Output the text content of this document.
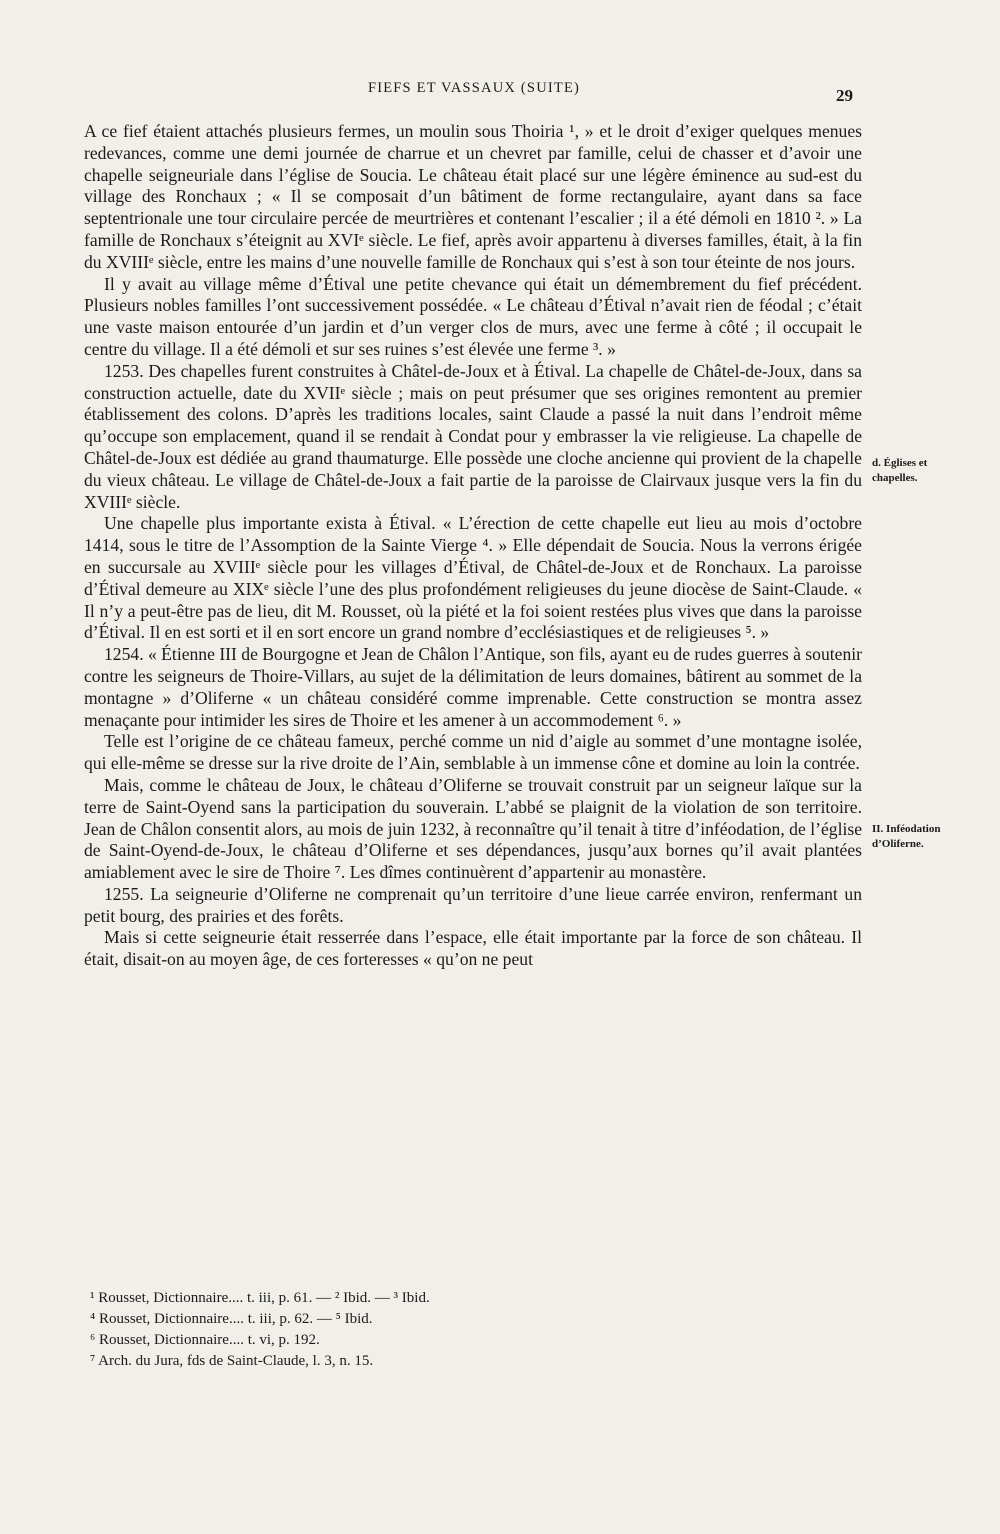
FIEFS ET VASSAUX (SUITE)	29

A ce fief étaient attachés plusieurs fermes, un moulin sous Thoiria ¹, » et le droit d’exiger quelques menues redevances, comme une demi journée de charrue et un chevret par famille, celui de chasser et d’avoir une chapelle seigneuriale dans l’église de Soucia. Le château était placé sur une légère éminence au sud-est du village des Ronchaux ; « Il se composait d’un bâtiment de forme rectangulaire, ayant dans sa face septentrionale une tour circulaire percée de meurtrières et contenant l’escalier ; il a été démoli en 1810 ². » La famille de Ronchaux s’éteignit au XVIᵉ siècle. Le fief, après avoir appartenu à diverses familles, était, à la fin du XVIIIᵉ siècle, entre les mains d’une nouvelle famille de Ronchaux qui s’est à son tour éteinte de nos jours.

Il y avait au village même d’Étival une petite chevance qui était un démembrement du fief précédent. Plusieurs nobles familles l’ont successivement possédée. « Le château d’Étival n’avait rien de féodal ; c’était une vaste maison entourée d’un jardin et d’un verger clos de murs, avec une ferme à côté ; il occupait le centre du village. Il a été démoli et sur ses ruines s’est élevée une ferme ³. »

1253. Des chapelles furent construites à Châtel-de-Joux et à Étival. La chapelle de Châtel-de-Joux, dans sa construction actuelle, date du XVIIᵉ siècle ; mais on peut présumer que ses origines remontent au premier établissement des colons. D’après les traditions locales, saint Claude a passé la nuit dans l’endroit même qu’occupe son emplacement, quand il se rendait à Condat pour y embrasser la vie religieuse. La chapelle de Châtel-de-Joux est dédiée au grand thaumaturge. Elle possède une cloche ancienne qui provient de la chapelle du vieux château. Le village de Châtel-de-Joux a fait partie de la paroisse de Clairvaux jusque vers la fin du XVIIIᵉ siècle.

Une chapelle plus importante exista à Étival. « L’érection de cette chapelle eut lieu au mois d’octobre 1414, sous le titre de l’Assomption de la Sainte Vierge ⁴. » Elle dépendait de Soucia. Nous la verrons érigée en succursale au XVIIIᵉ siècle pour les villages d’Étival, de Châtel-de-Joux et de Ronchaux. La paroisse d’Étival demeure au XIXᵉ siècle l’une des plus profondément religieuses du jeune diocèse de Saint-Claude. « Il n’y a peut-être pas de lieu, dit M. Rousset, où la piété et la foi soient restées plus vives que dans la paroisse d’Étival. Il en est sorti et il en sort encore un grand nombre d’ecclésiastiques et de religieuses ⁵. »

1254. « Étienne III de Bourgogne et Jean de Châlon l’Antique, son fils, ayant eu de rudes guerres à soutenir contre les seigneurs de Thoire-Villars, au sujet de la délimitation de leurs domaines, bâtirent au sommet de la montagne » d’Oliferne « un château considéré comme imprenable. Cette construction se montra assez menaçante pour intimider les sires de Thoire et les amener à un accommodement ⁶. »

Telle est l’origine de ce château fameux, perché comme un nid d’aigle au sommet d’une montagne isolée, qui elle-même se dresse sur la rive droite de l’Ain, semblable à un immense cône et domine au loin la contrée.

Mais, comme le château de Joux, le château d’Oliferne se trouvait construit par un seigneur laïque sur la terre de Saint-Oyend sans la participation du souverain. L’abbé se plaignit de la violation de son territoire. Jean de Châlon consentit alors, au mois de juin 1232, à reconnaître qu’il tenait à titre d’inféodation, de l’église de Saint-Oyend-de-Joux, le château d’Oliferne et ses dépendances, jusqu’aux bornes qu’il avait plantées amiablement avec le sire de Thoire ⁷. Les dîmes continuèrent d’appartenir au monastère.

1255. La seigneurie d’Oliferne ne comprenait qu’un territoire d’une lieue carrée environ, renfermant un petit bourg, des prairies et des forêts.

Mais si cette seigneurie était resserrée dans l’espace, elle était importante par la force de son château. Il était, disait-on au moyen âge, de ces forteresses « qu’on ne peut

d. Églises et chapelles.
II. Inféodation d’Oliferne.

¹ Rousset, Dictionnaire.... t. iii, p. 61. — ² Ibid. — ³ Ibid.

⁴ Rousset, Dictionnaire.... t. iii, p. 62. — ⁵ Ibid.

⁶ Rousset, Dictionnaire.... t. vi, p. 192.

⁷ Arch. du Jura, fds de Saint-Claude, l. 3, n. 15.
